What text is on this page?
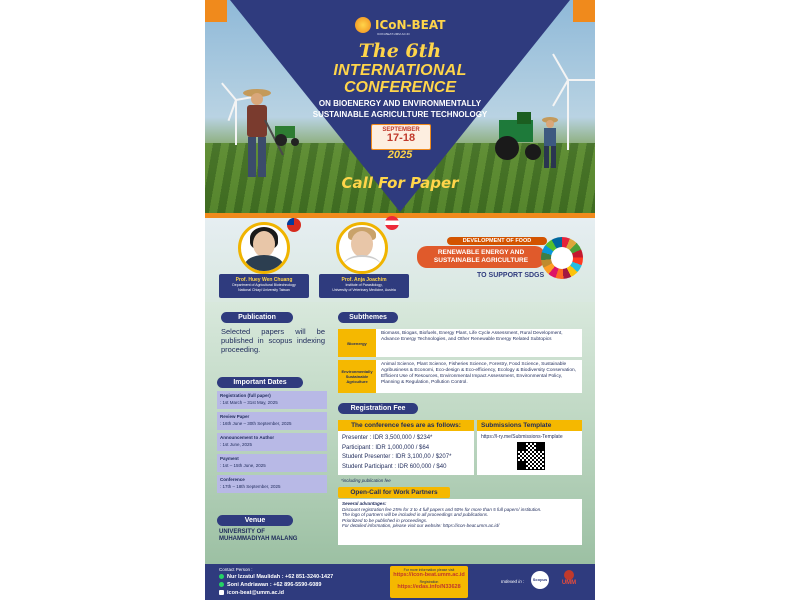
ICoN-BEAT
ICON-BEAT.UMM.AC.ID
The 6th
INTERNATIONAL
CONFERENCE
ON BIOENERGY AND ENVIRONMENTALLY
SUSTAINABLE AGRICULTURE TECHNOLOGY
SEPTEMBER
17-18
2025
Call For Paper
Prof. Huey Wen Chuang
Department of Agricultural Biotechnology
National Chiayi University Taiwan
Prof. Anja Joachim
Institute of Parasitology,
University of Veterinary Medicine, Austria
DEVELOPMENT OF FOOD
RENEWABLE ENERGY AND
SUSTAINABLE AGRICULTURE
TO SUPPORT SDGS
Publication
Selected papers will be published in scopus indexing proceeding.
Important Dates
Registration (full paper)
: 1st March – 31st May, 2025
Review Paper
: 16th June – 30th September, 2025
Announcement to Author
: 1st June, 2025
Payment
: 1st – 15th June, 2025
Conference
: 17th – 18th September, 2025
Venue
UNIVERSITY OF
MUHAMMADIYAH MALANG
Subthemes
Bioenergy
Biomass, Biogas, Biofuels, Energy Plant, Life Cycle Assessment, Rural Development, Advance Energy Technologies, and Other Renewable Energy Related Subtopics
Environmentally Sustainable Agriculture
Animal Science, Plant Science, Fisheries Science, Forestry, Food Science, Sustainable Agribusiness & Economi, Eco-design & Eco-efficiency, Ecology & Biodiversity Conservation, Efficient Use of Resources, Environmental Impact Assessment, Environmental Policy, Planning & Regulation, Pollution Control.
Registration Fee
The conference fees are as follows:
Presenter : IDR 3,500,000 / $234*
Participant : IDR 1,000,000 / $64
Student Presenter : IDR 3,100,00 / $207*
Student Participant : IDR 600,000 / $40
Submissions Template
https://l-ry.me/Submissions-Template
*including publication fee
Open-Call for Work Partners
Several advantages:
Discount registration fee 25% for 3 to 4 full papers and 50% for more than 5 full papers/ institution.
The logo of partners will be included in all proceedings and publications.
Prioritized to be published in proceedings.
For detailed information, please visit our website: https://icon-beat.umm.ac.id/
Contact Person :
Nur Izzatul Maulidah : +62 851-3240-1427
Soni Andriawan : +62 896-5590-6089
icon-beat@umm.ac.id
For more information please visit
https://icon-beat.umm.ac.id
Registration
https://edas.info/N33628
Indexed in :	Scopus
UMM
